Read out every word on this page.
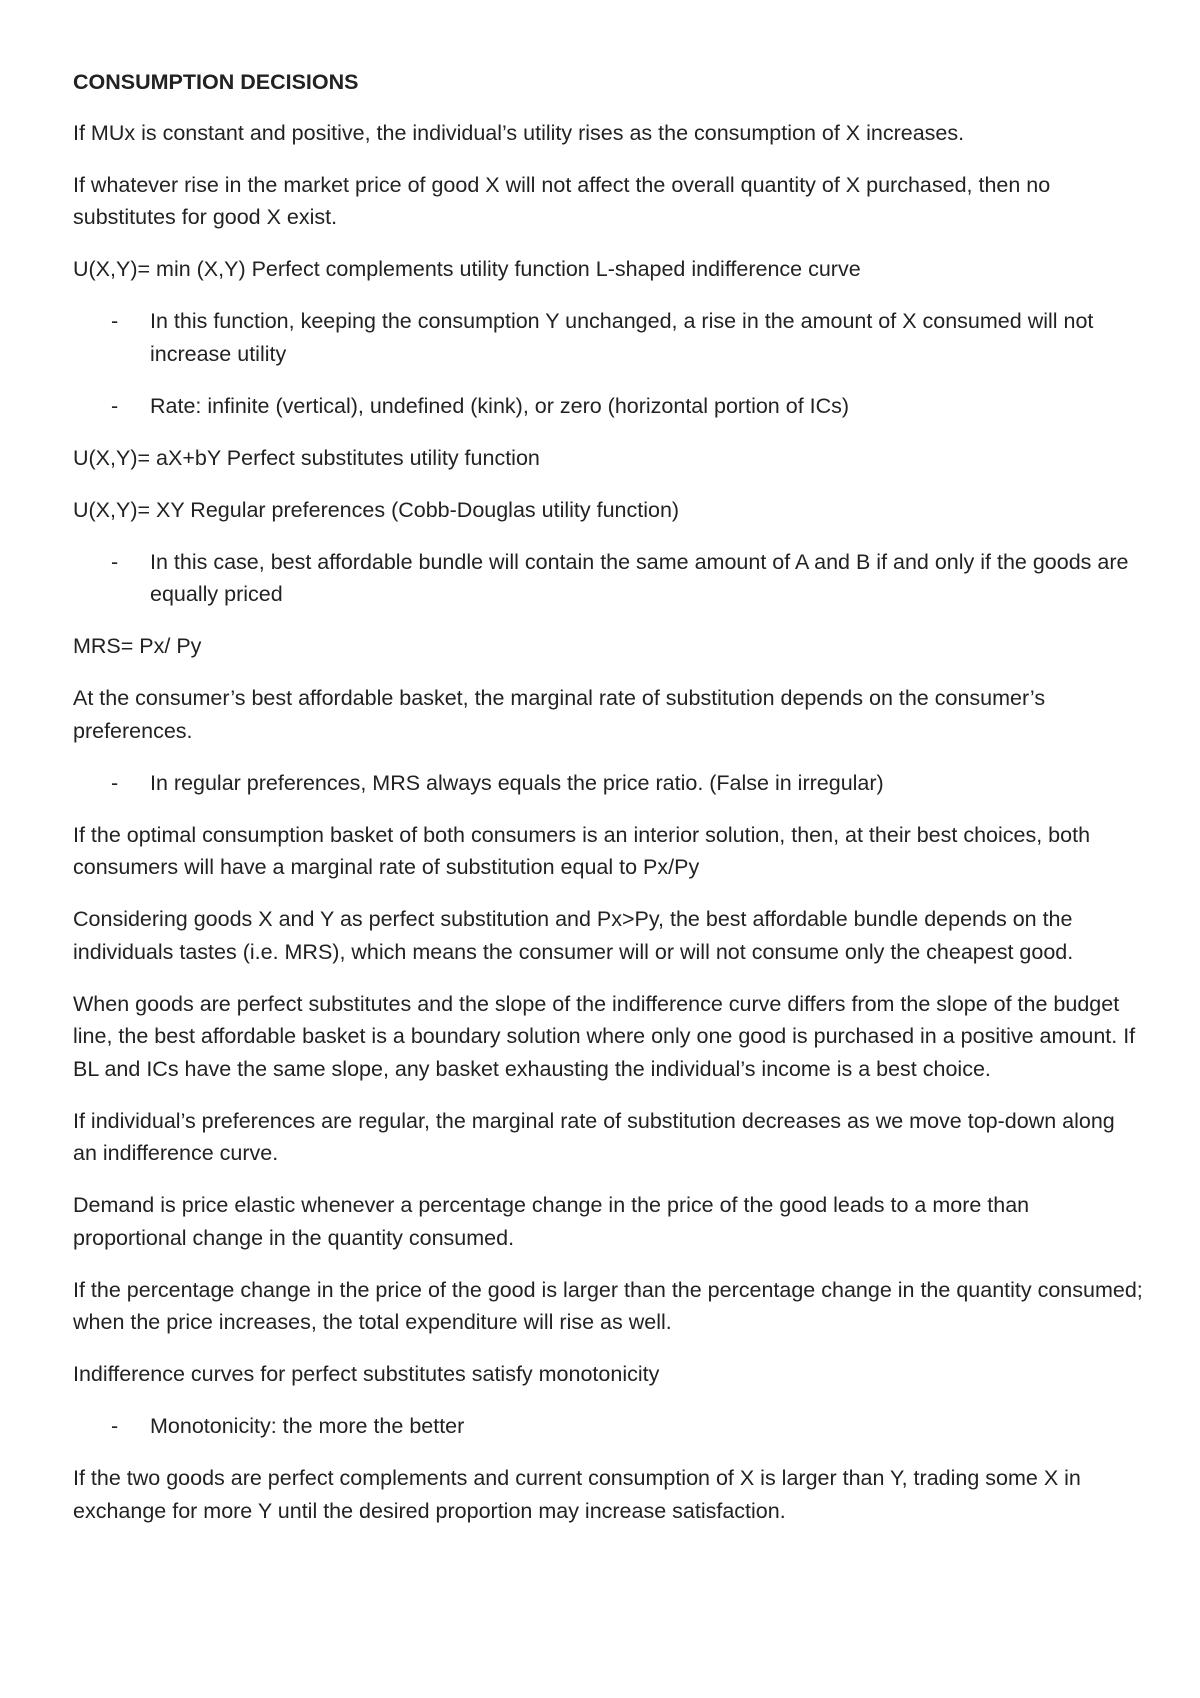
CONSUMPTION DECISIONS

If MUx is constant and positive, the individual’s utility rises as the consumption of X increases.

If whatever rise in the market price of good X will not affect the overall quantity of X purchased, then no substitutes for good X exist.

U(X,Y)= min (X,Y) Perfect complements utility function L-shaped indifference curve

- In this function, keeping the consumption Y unchanged, a rise in the amount of X consumed will not increase utility
- Rate: infinite (vertical), undefined (kink), or zero (horizontal portion of ICs)

U(X,Y)= aX+bY Perfect substitutes utility function

U(X,Y)= XY Regular preferences (Cobb-Douglas utility function)

- In this case, best affordable bundle will contain the same amount of A and B if and only if the goods are equally priced

MRS= Px/ Py

At the consumer’s best affordable basket, the marginal rate of substitution depends on the consumer’s preferences.

- In regular preferences, MRS always equals the price ratio. (False in irregular)

If the optimal consumption basket of both consumers is an interior solution, then, at their best choices, both consumers will have a marginal rate of substitution equal to Px/Py

Considering goods X and Y as perfect substitution and Px>Py, the best affordable bundle depends on the individuals tastes (i.e. MRS), which means the consumer will or will not consume only the cheapest good.

When goods are perfect substitutes and the slope of the indifference curve differs from the slope of the budget line, the best affordable basket is a boundary solution where only one good is purchased in a positive amount. If BL and ICs have the same slope, any basket exhausting the individual’s income is a best choice.

If individual’s preferences are regular, the marginal rate of substitution decreases as we move top-down along an indifference curve.

Demand is price elastic whenever a percentage change in the price of the good leads to a more than proportional change in the quantity consumed.

If the percentage change in the price of the good is larger than the percentage change in the quantity consumed; when the price increases, the total expenditure will rise as well.

Indifference curves for perfect substitutes satisfy monotonicity

- Monotonicity: the more the better

If the two goods are perfect complements and current consumption of X is larger than Y, trading some X in exchange for more Y until the desired proportion may increase satisfaction.
